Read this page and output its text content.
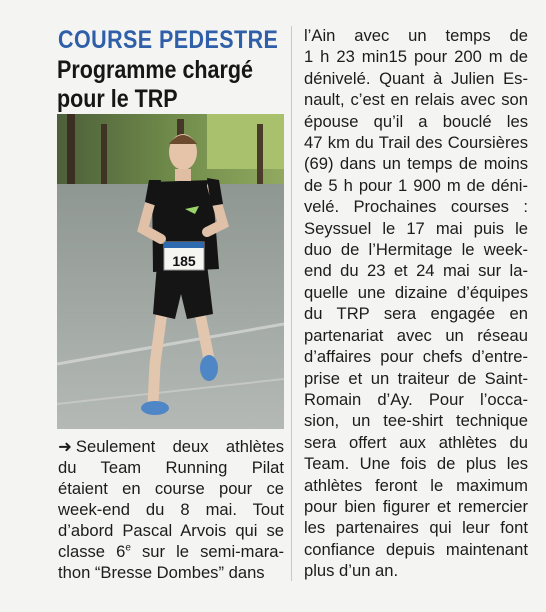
COURSE PEDESTRE
Programme chargé
pour le TRP
185
➜ Seulement deux athlètes
du Team Running Pilat
étaient en course pour ce
week-end du 8 mai. Tout
d’abord Pascal Arvois qui se
classe 6e sur le semi-mara-
thon “Bresse Dombes” dans
l’Ain avec un temps de
1 h 23 min15 pour 200 m de
dénivelé. Quant à Julien Es-
nault, c’est en relais avec son
épouse qu’il a bouclé les
47 km du Trail des Coursières
(69) dans un temps de moins
de 5 h pour 1 900 m de déni-
velé. Prochaines courses :
Seyssuel le 17 mai puis le
duo de l’Hermitage le week-
end du 23 et 24 mai sur la-
quelle une dizaine d’équipes
du TRP sera engagée en
partenariat avec un réseau
d’affaires pour chefs d’entre-
prise et un traiteur de Saint-
Romain d’Ay. Pour l’occa-
sion, un tee-shirt technique
sera offert aux athlètes du
Team. Une fois de plus les
athlètes feront le maximum
pour bien figurer et remercier
les partenaires qui leur font
confiance depuis maintenant
plus d’un an.
